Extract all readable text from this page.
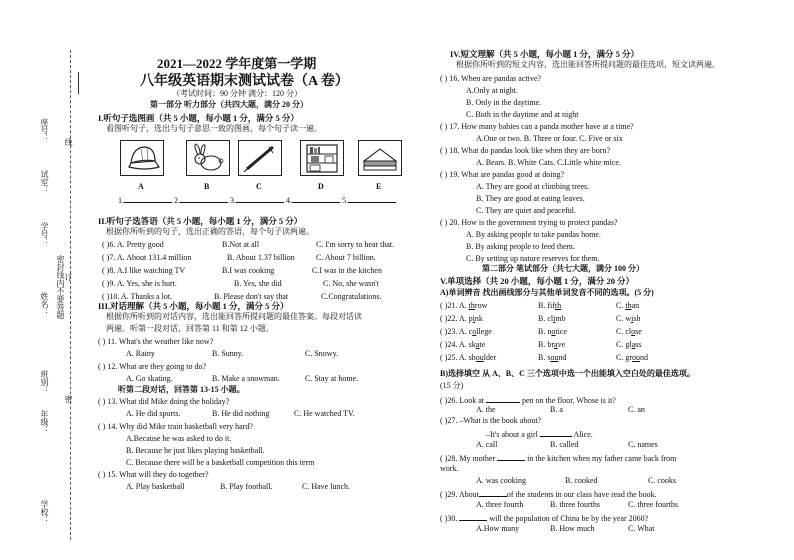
座号：
试室：
学号：
姓名：
班别：
年级：
学校：
密封线内不要答题
线
订
密
2021—2022 学年度第一学期
八年级英语期末测试试卷（A 卷）
（考试时间：90 分钟 满分：120 分）
第一部分 听力部分（共四大题，满分 20 分）
I.听句子选图画（共 5 小题，每小题 1 分，满分 5 分）
看图听句子，选出与句子意思一致的图画，每个句子读一遍。
A	B	C	D	E
1.	2.	3.	4.	5.
II.听句子选答语（共 5 小题，每小题 1 分，满分 5 分）
根据你所听到的句子，选出正确的答语，每个句子读两遍。
( )6. A. Pretty good	B.Not at all	C. I'm sorry to hear that.
( )7. A. About 131.4 million	B. About 1.37 billion	C. About 7 billion.
( )8. A.I like watching TV	B.I was cooking	C.I was in the kitchen
( )9. A. Yes, she is hurt.	B. Yes, she did	C. No, she wasn't
( )10. A. Thanks a lot.	B. Please don't say that	C.Congratulations.
III.对话理解（共 5 小题，每小题 1 分，满分 5 分）
根据你所听到的对话内容，选出能回答所提问题的最佳答案。每段对话读
两遍。听第一段对话，回答第 11 和第 12 小题。
( ) 11. What's the weather like now?
A. Rainy	B. Sunny.	C. Snowy.
( ) 12. What are they going to do?
A. Go skating.	B. Make a snowman.	C. Stay at home.
听第二段对话，回答第 13-15 小题。
( ) 13. What did Mike doing the holiday?
A. He did sports.	B. He did nothing	C. He watched TV.
( ) 14. Why did Mike train basketball very hard?
A.Because he was asked to do it.
B. Because he just likes playing basketball.
C. Because there will be a basketball competition this term
( ) 15. What will they do together?
A. Play basketball	B. Play football.	C. Have lunch.
IV.短文理解（共 5 小题，每小题 1 分，满分 5 分）
根据你所听到的短文内容，选出能回答所提问题的最佳选项，短文读两遍。
( ) 16. When are pandas active?
A.Only at night.
B. Only in the daytime.
C. Both in the daytime and at night
( ) 17. How many babies can a panda mother have at a time?
A.One or two. B. Three or four. C. Five or six
( ) 18. What do pandas look like when they are born?
A. Bears. B. White Cats. C.Little white mice.
( ) 19. What are pandas good at doing?
A. They are good at climbing trees.
B. They are good at eating leaves.
C. They are quiet and peaceful.
( ) 20. How is the government trying to protect pandas?
A. By asking people to take pandas home.
B. By asking people to feed them.
C. By setting up nature reserves for them.
第二部分 笔试部分（共七大题，满分 100 分）
V.单项选择（共 20 小题，每小题 1 分，满分 20 分）
A)单词辨音 找出画线部分与其他单词发音不同的选项。(5 分)
( )21. A. throw	B. fifth	C. than
( )22. A. pink	B. climb	C. wish
( )23. A. college	B. notice	C. close
( )24. A. skate	B. brave	C. glass
( )25. A. shoulder	B. sound	C. ground
B)选择填空 从 A、B、C 三个选项中选一个出能填入空白处的最佳选项。
(15 分)
( )26. Look at	pen on the floor. Whose is it?
A. the	B. a	C. an
( )27. –What is the book about?
–It's about a girl	Alice.
A. call	B. called	C. names
( )28. My mother	in the kitchen when my father came back from
work.
A. was cooking	B. cooked	C. cooks
( )29. About	of the students in our class have read the book.
A. three fourth	B. three fourths	C. three fourths
( )30.	will the population of China be by the year 2060?
A.How many	B. How much	C. What
